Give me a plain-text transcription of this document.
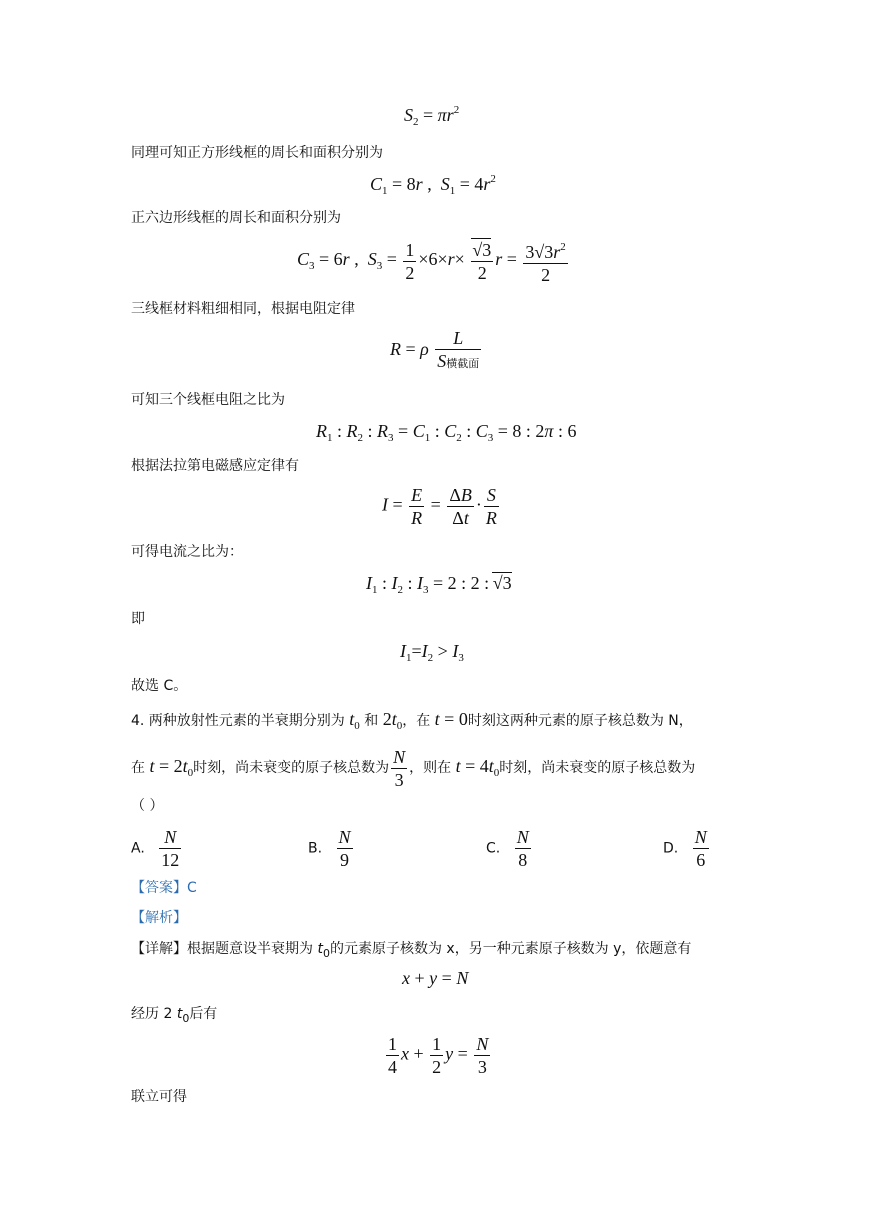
$S_2 = \pi r^2$
同理可知正方形线框的周长和面积分别为
$C_1 = 8r$ ,  $S_1 = 4r^2$
正六边形线框的周长和面积分别为
$C_3 = 6r$ ,  $S_3 = \frac{1}{2} \times 6\times r\times \frac{√3}{2}$ $r = \frac{3√3r^2}{2}$
三线框材料粗细相同，根据电阻定律
R = ρ $\frac{L}{\text{S横截面}}$
可知三个线框电阻之比为
$R_1$ : $R_2$ : $R_3 = C_1$ : $C_2$ : $C_3 = 8$ : 2π : 6
根据法拉第电磁感应定律有
$I = \frac{E}{R} = \frac{\Delta B}{\Delta t} \cdot \frac{S}{R}$
可得电流之比为：
$I_1$ : $I_2$ : $I_3 = 2$ : 2 : √3
即
$I_1=I_2 > I_3$
故选 C。
4. 两种放射性元素的半衰期分别为 $t_0$ 和 $2t_0$，在 t = 0时刻这两种元素的原子核总数为 N，
在 $t = 2t_0$时刻，尚未衰变的原子核总数为 $\frac{N}{3}$ ，则在 $t = 4t_0$时刻，尚未衰变的原子核总数为
（ ）
A. $\frac{N}{12}$	B. $\frac{N}{9}$	C. $\frac{N}{8}$	D. $\frac{N}{6}$
【答案】C
【解析】
【详解】根据题意设半衰期为 $t_0$的元素原子核数为 x，另一种元素原子核数为 y，依题意有
x + y = N
经历 2 $t_0$后有
$\frac{1}{4}$ $x + \frac{1}{2}$ $y = \frac{N}{3}$
联立可得
